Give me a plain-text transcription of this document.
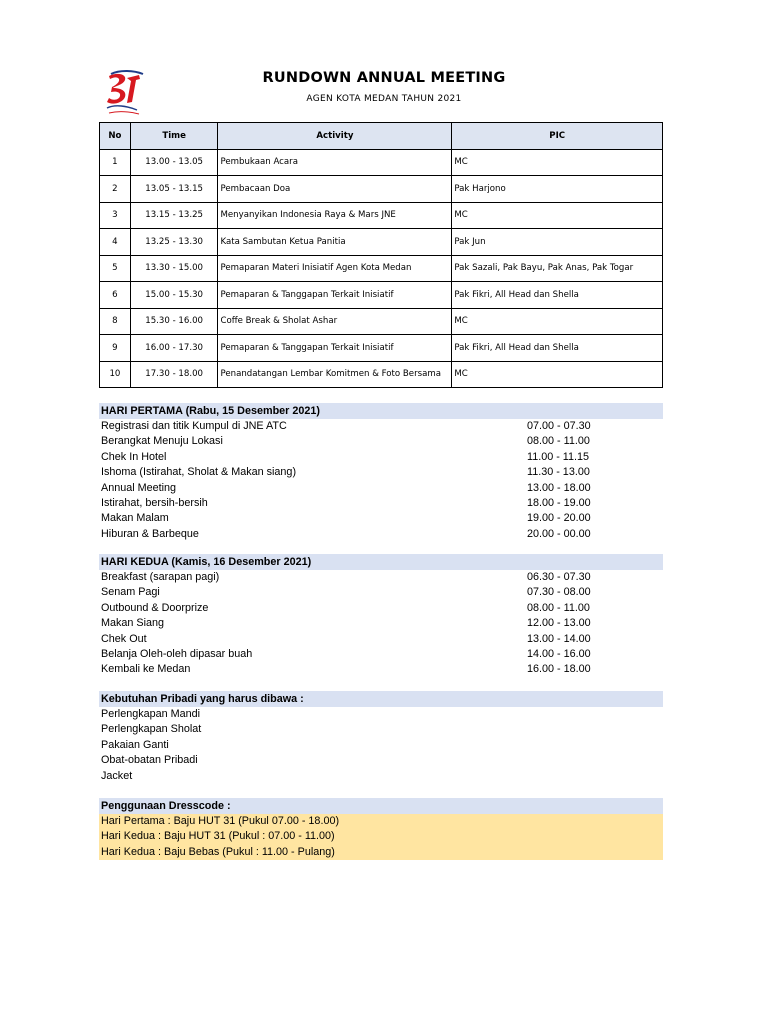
RUNDOWN ANNUAL MEETING
AGEN KOTA MEDAN TAHUN 2021
No	Time	Activity	PIC
1	13.00 - 13.05	Pembukaan Acara	MC
2	13.05 - 13.15	Pembacaan Doa	Pak Harjono
3	13.15 - 13.25	Menyanyikan Indonesia Raya & Mars JNE	MC
4	13.25 - 13.30	Kata Sambutan Ketua Panitia	Pak Jun
5	13.30 - 15.00	Pemaparan Materi Inisiatif Agen Kota Medan	Pak Sazali, Pak Bayu, Pak Anas, Pak Togar
6	15.00 - 15.30	Pemaparan & Tanggapan Terkait Inisiatif	Pak Fikri, All Head dan Shella
8	15.30 - 16.00	Coffe Break & Sholat Ashar	MC
9	16.00 - 17.30	Pemaparan & Tanggapan Terkait Inisiatif	Pak Fikri, All Head dan Shella
10	17.30 - 18.00	Penandatangan Lembar Komitmen & Foto Bersama	MC
HARI PERTAMA (Rabu, 15 Desember 2021)
Registrasi dan titik Kumpul di JNE ATC	07.00 - 07.30
Berangkat Menuju Lokasi	08.00 - 11.00
Chek In Hotel	11.00 - 11.15
Ishoma (Istirahat, Sholat & Makan siang)	11.30 - 13.00
Annual Meeting	13.00 - 18.00
Istirahat, bersih-bersih	18.00 - 19.00
Makan Malam	19.00 - 20.00
Hiburan & Barbeque	20.00 - 00.00
HARI KEDUA (Kamis, 16 Desember 2021)
Breakfast (sarapan pagi)	06.30 - 07.30
Senam Pagi	07.30 - 08.00
Outbound & Doorprize	08.00 - 11.00
Makan Siang	12.00 - 13.00
Chek Out	13.00 - 14.00
Belanja Oleh-oleh dipasar buah	14.00 - 16.00
Kembali ke Medan	16.00 - 18.00
Kebutuhan Pribadi yang harus dibawa :
Perlengkapan Mandi
Perlengkapan Sholat
Pakaian Ganti
Obat-obatan Pribadi
Jacket
Penggunaan Dresscode :
Hari Pertama : Baju HUT 31 (Pukul 07.00 - 18.00)
Hari Kedua : Baju HUT 31 (Pukul : 07.00 - 11.00)
Hari Kedua : Baju Bebas (Pukul : 11.00 - Pulang)
